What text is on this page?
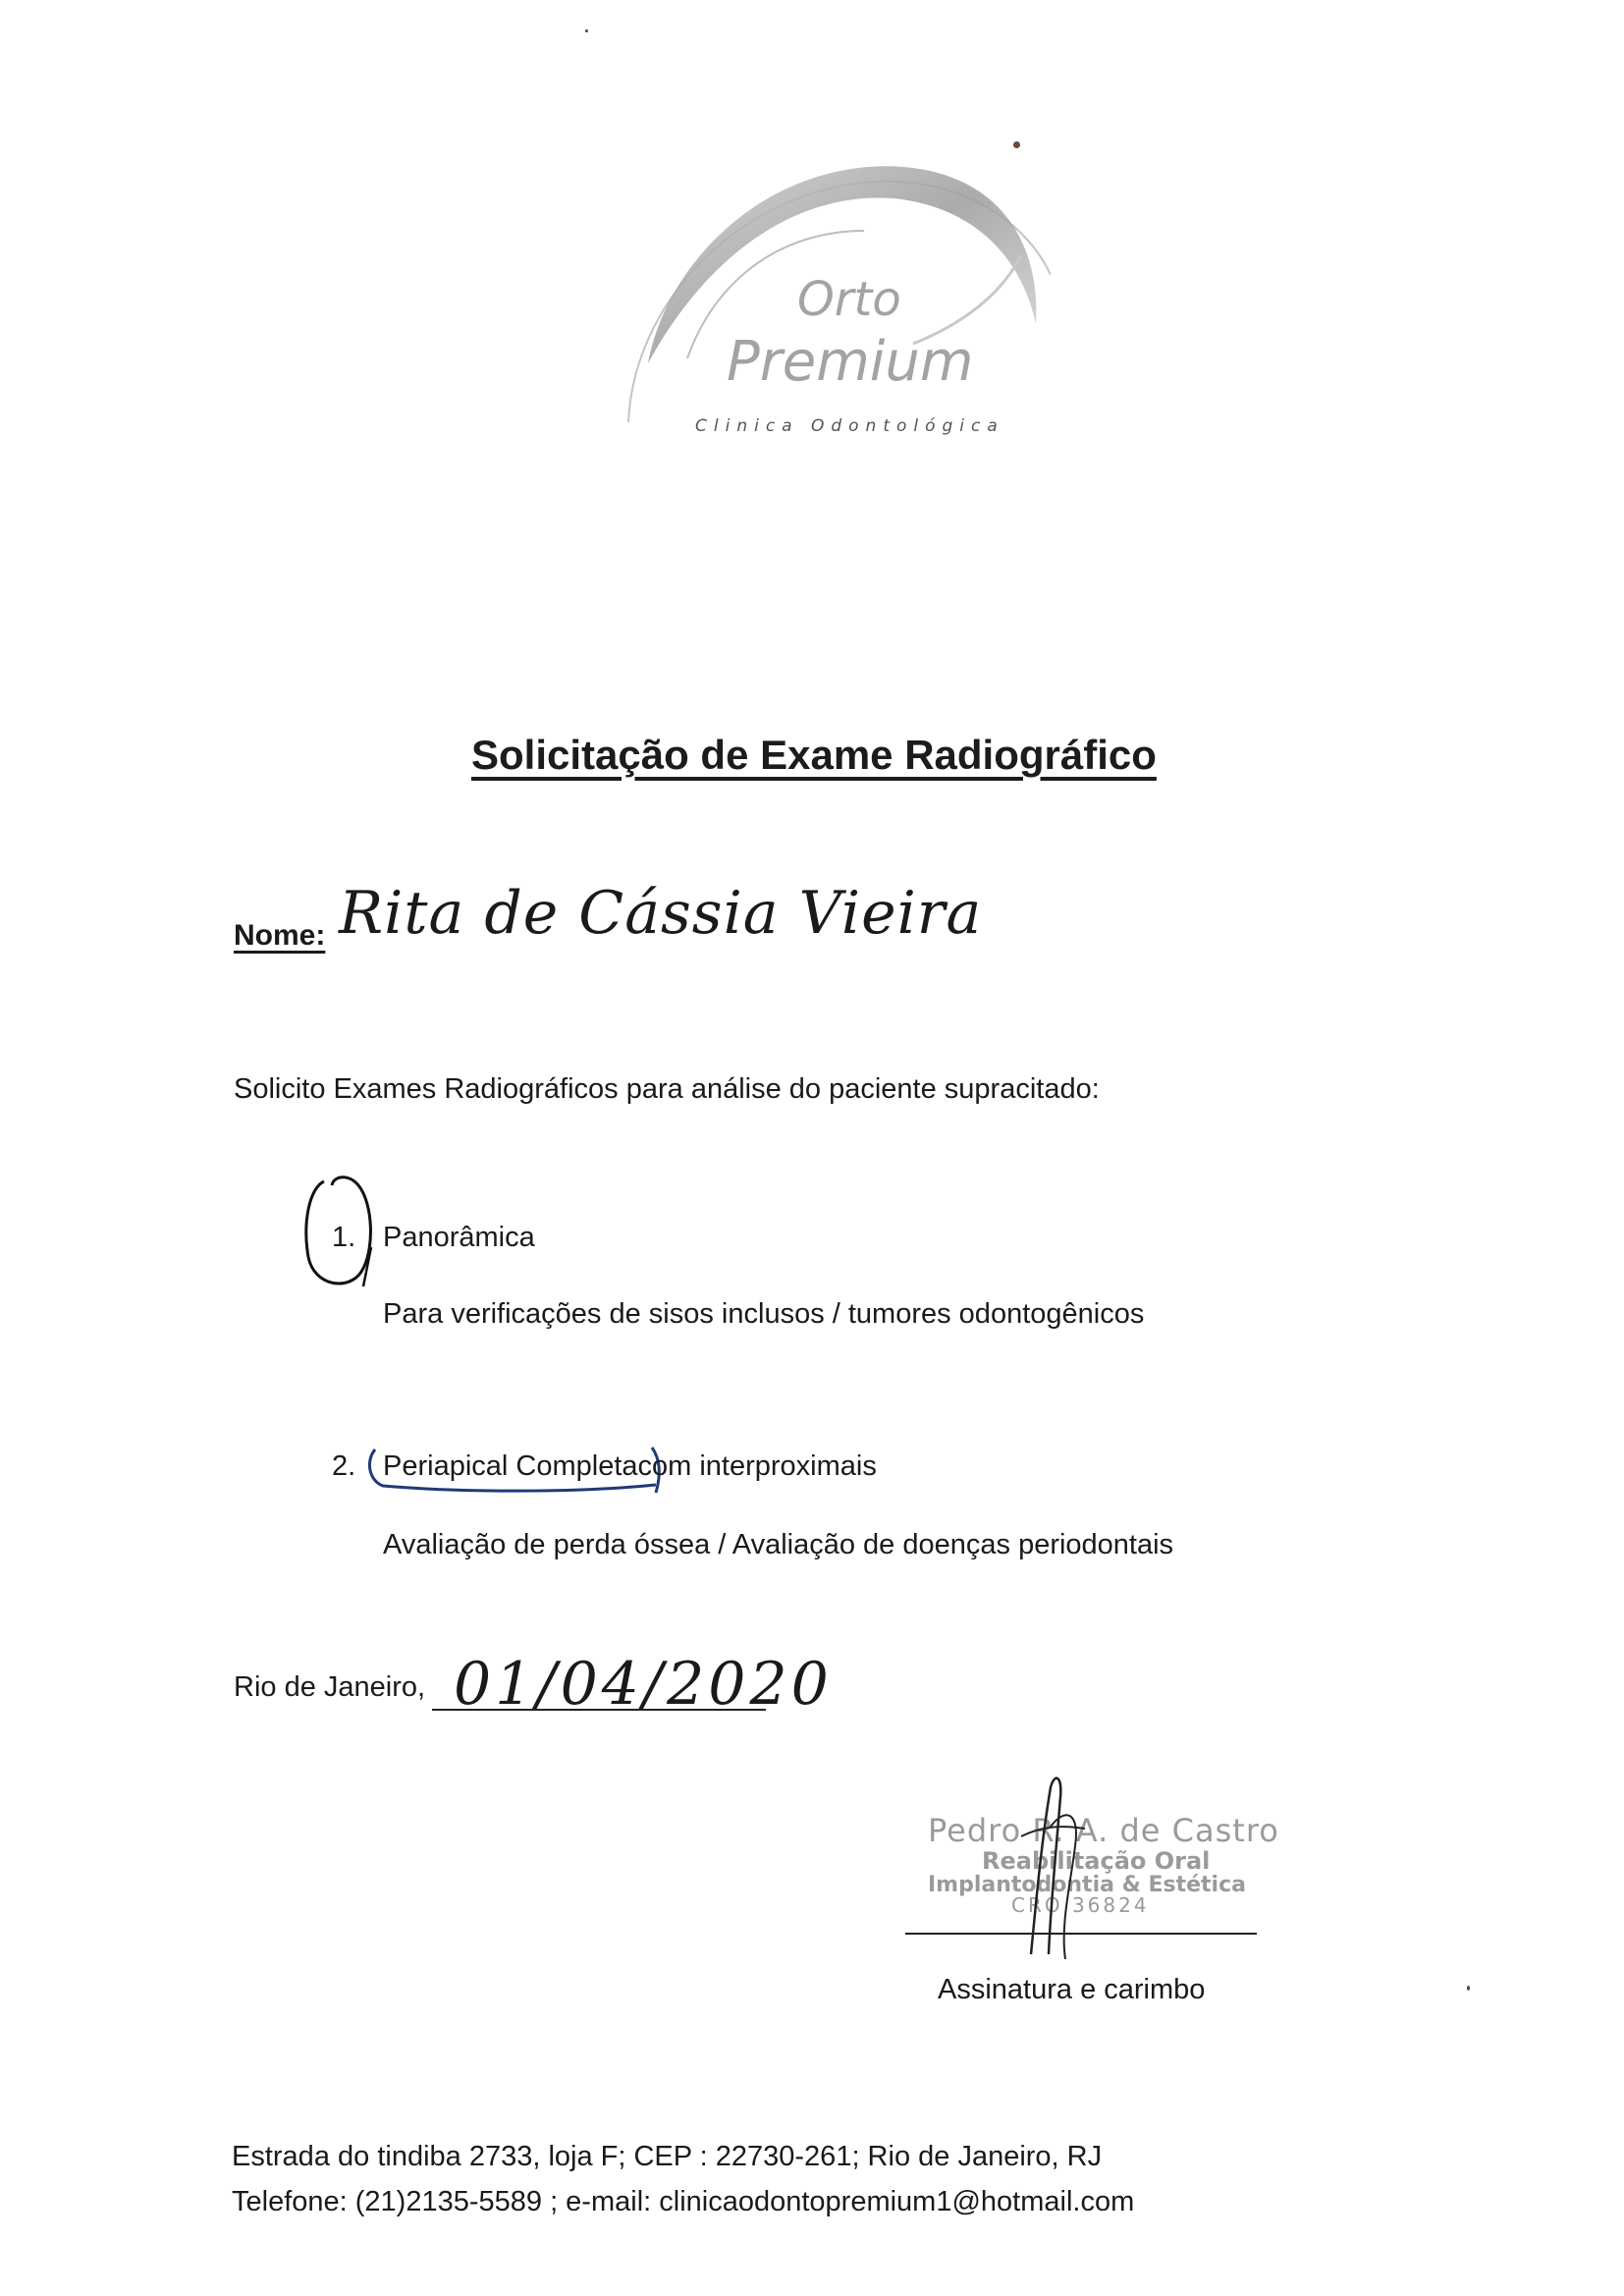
Orto
Premium
Clinica Odontológica
Solicitação de Exame Radiográfico
Nome: Rita de Cássia Vieira
Solicito Exames Radiográficos para análise do paciente supracitado:
1. Panorâmica
Para verificações de sisos inclusos / tumores odontogênicos
2. Periapical Completacom interproximais
Avaliação de perda óssea / Avaliação de doenças periodontais
Rio de Janeiro, 01/04/2020
Pedro R. A. de Castro
Reabilitação Oral
Implantodontia & Estética
CRO 36824
Assinatura e carimbo
Estrada do tindiba 2733, loja F; CEP : 22730-261; Rio de Janeiro, RJ
Telefone: (21)2135-5589 ; e-mail: clinicaodontopremium1@hotmail.com
